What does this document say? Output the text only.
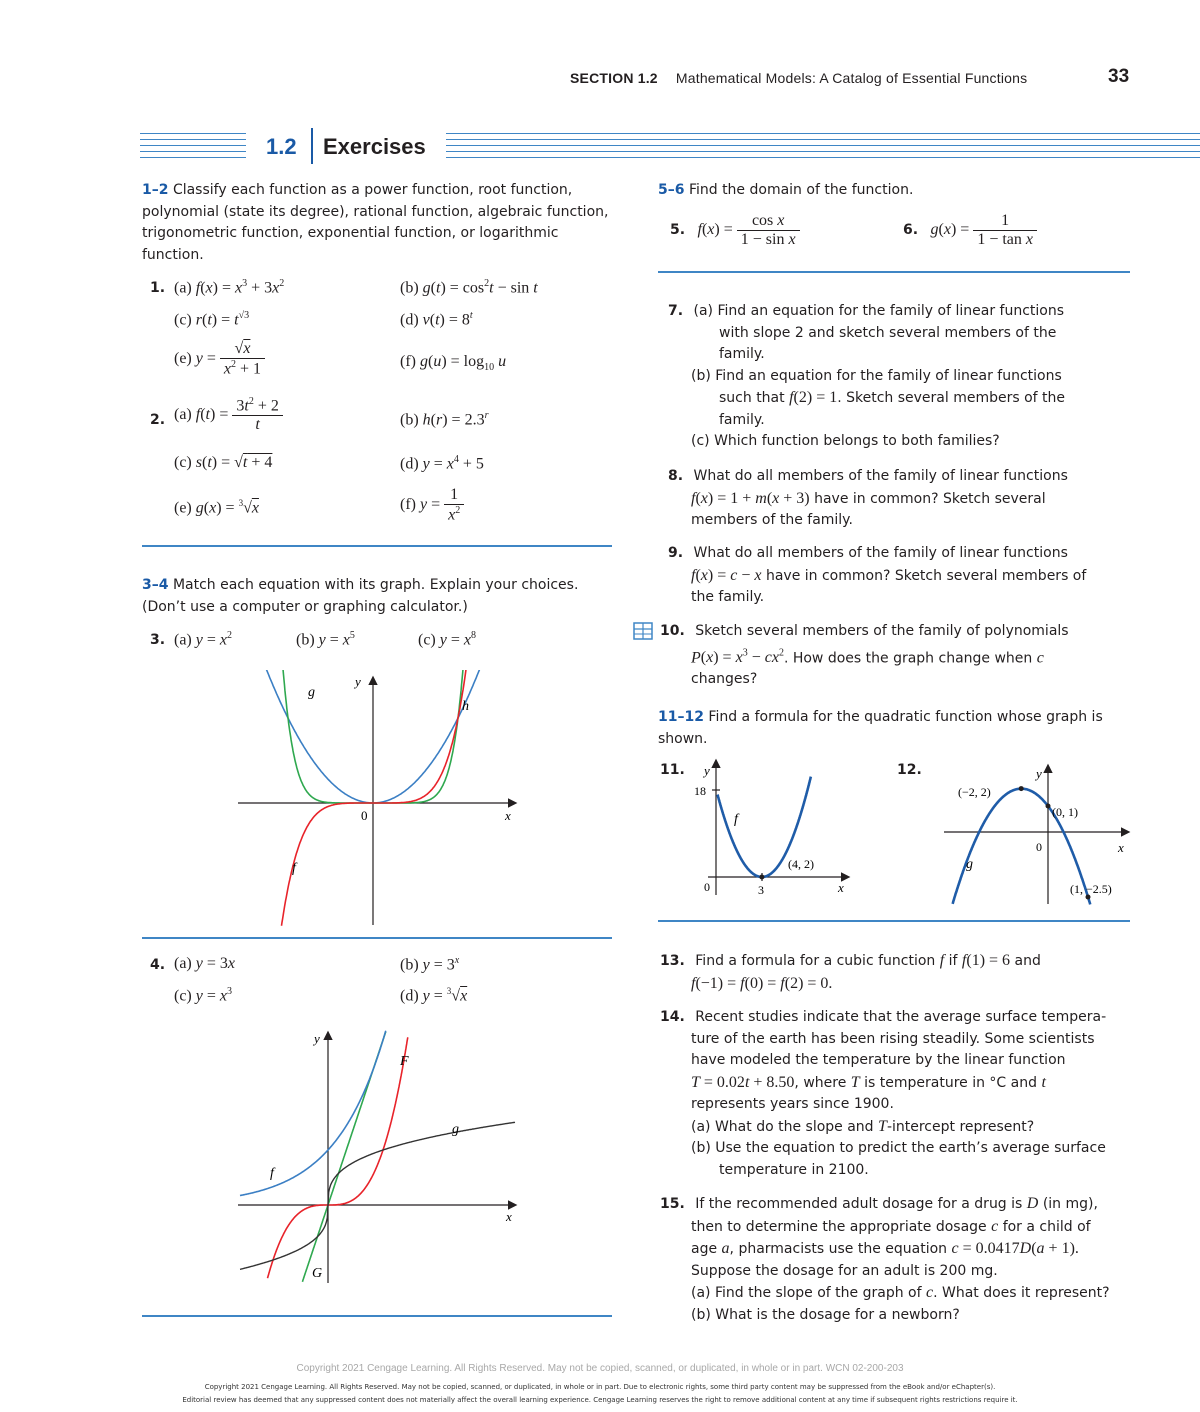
SECTION 1.2 Mathematical Models: A Catalog of Essential Functions	33
1.2 Exercises
1–2 Classify each function as a power function, root function, polynomial (state its degree), rational function, algebraic function, trigonometric function, exponential function, or logarithmic function.
1. (a) $f(x) = x^3 + 3x^2$	(b) $g(t) = \cos^2t - \sin t$
(c) $r(t) = t^{√3}$	(d) $v(t) = 8^t$
(e) $y = \frac{√x}{x^2 + 1}$	(f) $g(u) = \log_{10} u$
2. (a) $f(t) = \frac{3t^2 + 2}{t}$	(b) $h(r) = 2.3^r$
(c) s(t) = √t + 4	(d) $y = x^4 + 5$
(e) g(x) = $^3$√x	(f) $y = \frac{1}{x^2}$
3–4 Match each equation with its graph. Explain your choices.
(Don’t use a computer or graphing calculator.)
3. (a) $y = x^2$	(b) $y = x^5$	(c) $y = x^8$
g
h
f
y
x
0
4. (a) y = 3x	(b) $y = 3^x$
(c) $y = x^3$	(d) y = $^3$√x
y
x
F
g
f
G
5–6 Find the domain of the function.
5. $f(x) = \frac{\text{cos x}}{\text{1 − sin x}}$	6. $g(x) = \frac{1}{\text{1 − tan x}}$
7. (a) Find an equation for the family of linear functions
with slope 2 and sketch several members of the
family.
(b) Find an equation for the family of linear functions
such that f(2) = 1. Sketch several members of the
family.
(c) Which function belongs to both families?
8. What do all members of the family of linear functions
f(x) = 1 + m(x + 3) have in common? Sketch several
members of the family.
9. What do all members of the family of linear functions
f(x) = c − x have in common? Sketch several members of
the family.
10. Sketch several members of the family of polynomials
$P(x) = x^3 - cx^2$. How does the graph change when c
changes?
11–12 Find a formula for the quadratic function whose graph is
shown.
11. y
x
18
0	3
(4, 2)
f
12.	y
x
0
(−2, 2)
(0, 1)
(1, −2.5)
g
13. Find a formula for a cubic function f if f(1) = 6 and
f(−1) = f(0) = f(2) = 0.
14. Recent studies indicate that the average surface tempera-
ture of the earth has been rising steadily. Some scientists
have modeled the temperature by the linear function
T = 0.02t + 8.50, where T is temperature in °C and t
represents years since 1900.
(a) What do the slope and T-intercept represent?
(b) Use the equation to predict the earth’s average surface
temperature in 2100.
15. If the recommended adult dosage for a drug is D (in mg),
then to determine the appropriate dosage c for a child of
age a, pharmacists use the equation c = 0.0417D(a + 1).
Suppose the dosage for an adult is 200 mg.
(a) Find the slope of the graph of c. What does it represent?
(b) What is the dosage for a newborn?
Copyright 2021 Cengage Learning. All Rights Reserved. May not be copied, scanned, or duplicated, in whole or in part. WCN 02-200-203
Copyright 2021 Cengage Learning. All Rights Reserved. May not be copied, scanned, or duplicated, in whole or in part. Due to electronic rights, some third party content may be suppressed from the eBook and/or eChapter(s).
Editorial review has deemed that any suppressed content does not materially affect the overall learning experience. Cengage Learning reserves the right to remove additional content at any time if subsequent rights restrictions require it.
